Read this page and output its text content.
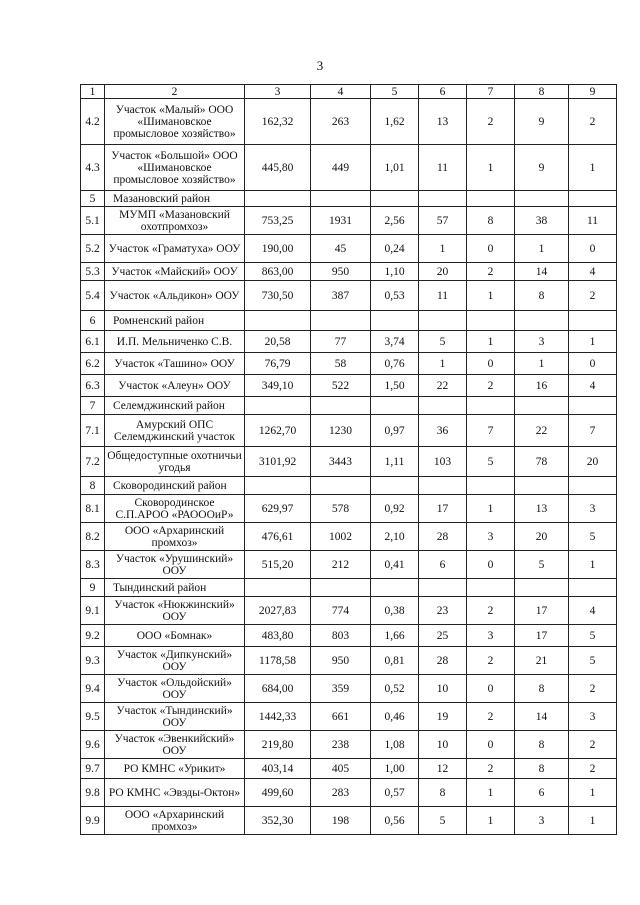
3
1	2	3	4	5	6	7	8	9
4.2	Участок «Малый» ООО «Шимановское промысловое хозяйство»	162,32	263	1,62	13	2	9	2
4.3	Участок «Большой» ООО «Шимановское промысловое хозяйство»	445,80	449	1,01	11	1	9	1
5	Мазановский район							
5.1	МУМП «Мазановский охотпромхоз»	753,25	1931	2,56	57	8	38	11
5.2	Участок «Граматуха» ООУ	190,00	45	0,24	1	0	1	0
5.3	Участок «Майский» ООУ	863,00	950	1,10	20	2	14	4
5.4	Участок «Альдикон» ООУ	730,50	387	0,53	11	1	8	2
6	Ромненский район							
6.1	И.П. Мельниченко С.В.	20,58	77	3,74	5	1	3	1
6.2	Участок «Ташино» ООУ	76,79	58	0,76	1	0	1	0
6.3	Участок «Алеун» ООУ	349,10	522	1,50	22	2	16	4
7	Селемджинский район							
7.1	Амурский ОПС Селемджинский участок	1262,70	1230	0,97	36	7	22	7
7.2	Общедоступные охотничьи угодья	3101,92	3443	1,11	103	5	78	20
8	Сковородинский район							
8.1	Сковородинское С.П.АРОО «РАОООиР»	629,97	578	0,92	17	1	13	3
8.2	ООО «Архаринский промхоз»	476,61	1002	2,10	28	3	20	5
8.3	Участок «Урушинский» ООУ	515,20	212	0,41	6	0	5	1
9	Тындинский район							
9.1	Участок «Нюкжинский» ООУ	2027,83	774	0,38	23	2	17	4
9.2	ООО «Бомнак»	483,80	803	1,66	25	3	17	5
9.3	Участок «Дипкунский» ООУ	1178,58	950	0,81	28	2	21	5
9.4	Участок «Ольдойский» ООУ	684,00	359	0,52	10	0	8	2
9.5	Участок «Тындинский» ООУ	1442,33	661	0,46	19	2	14	3
9.6	Участок «Эвенкийский» ООУ	219,80	238	1,08	10	0	8	2
9.7	РО КМНС «Урикит»	403,14	405	1,00	12	2	8	2
9.8	РО КМНС «Эвэды-Октон»	499,60	283	0,57	8	1	6	1
9.9	ООО «Архаринский промхоз»	352,30	198	0,56	5	1	3	1
